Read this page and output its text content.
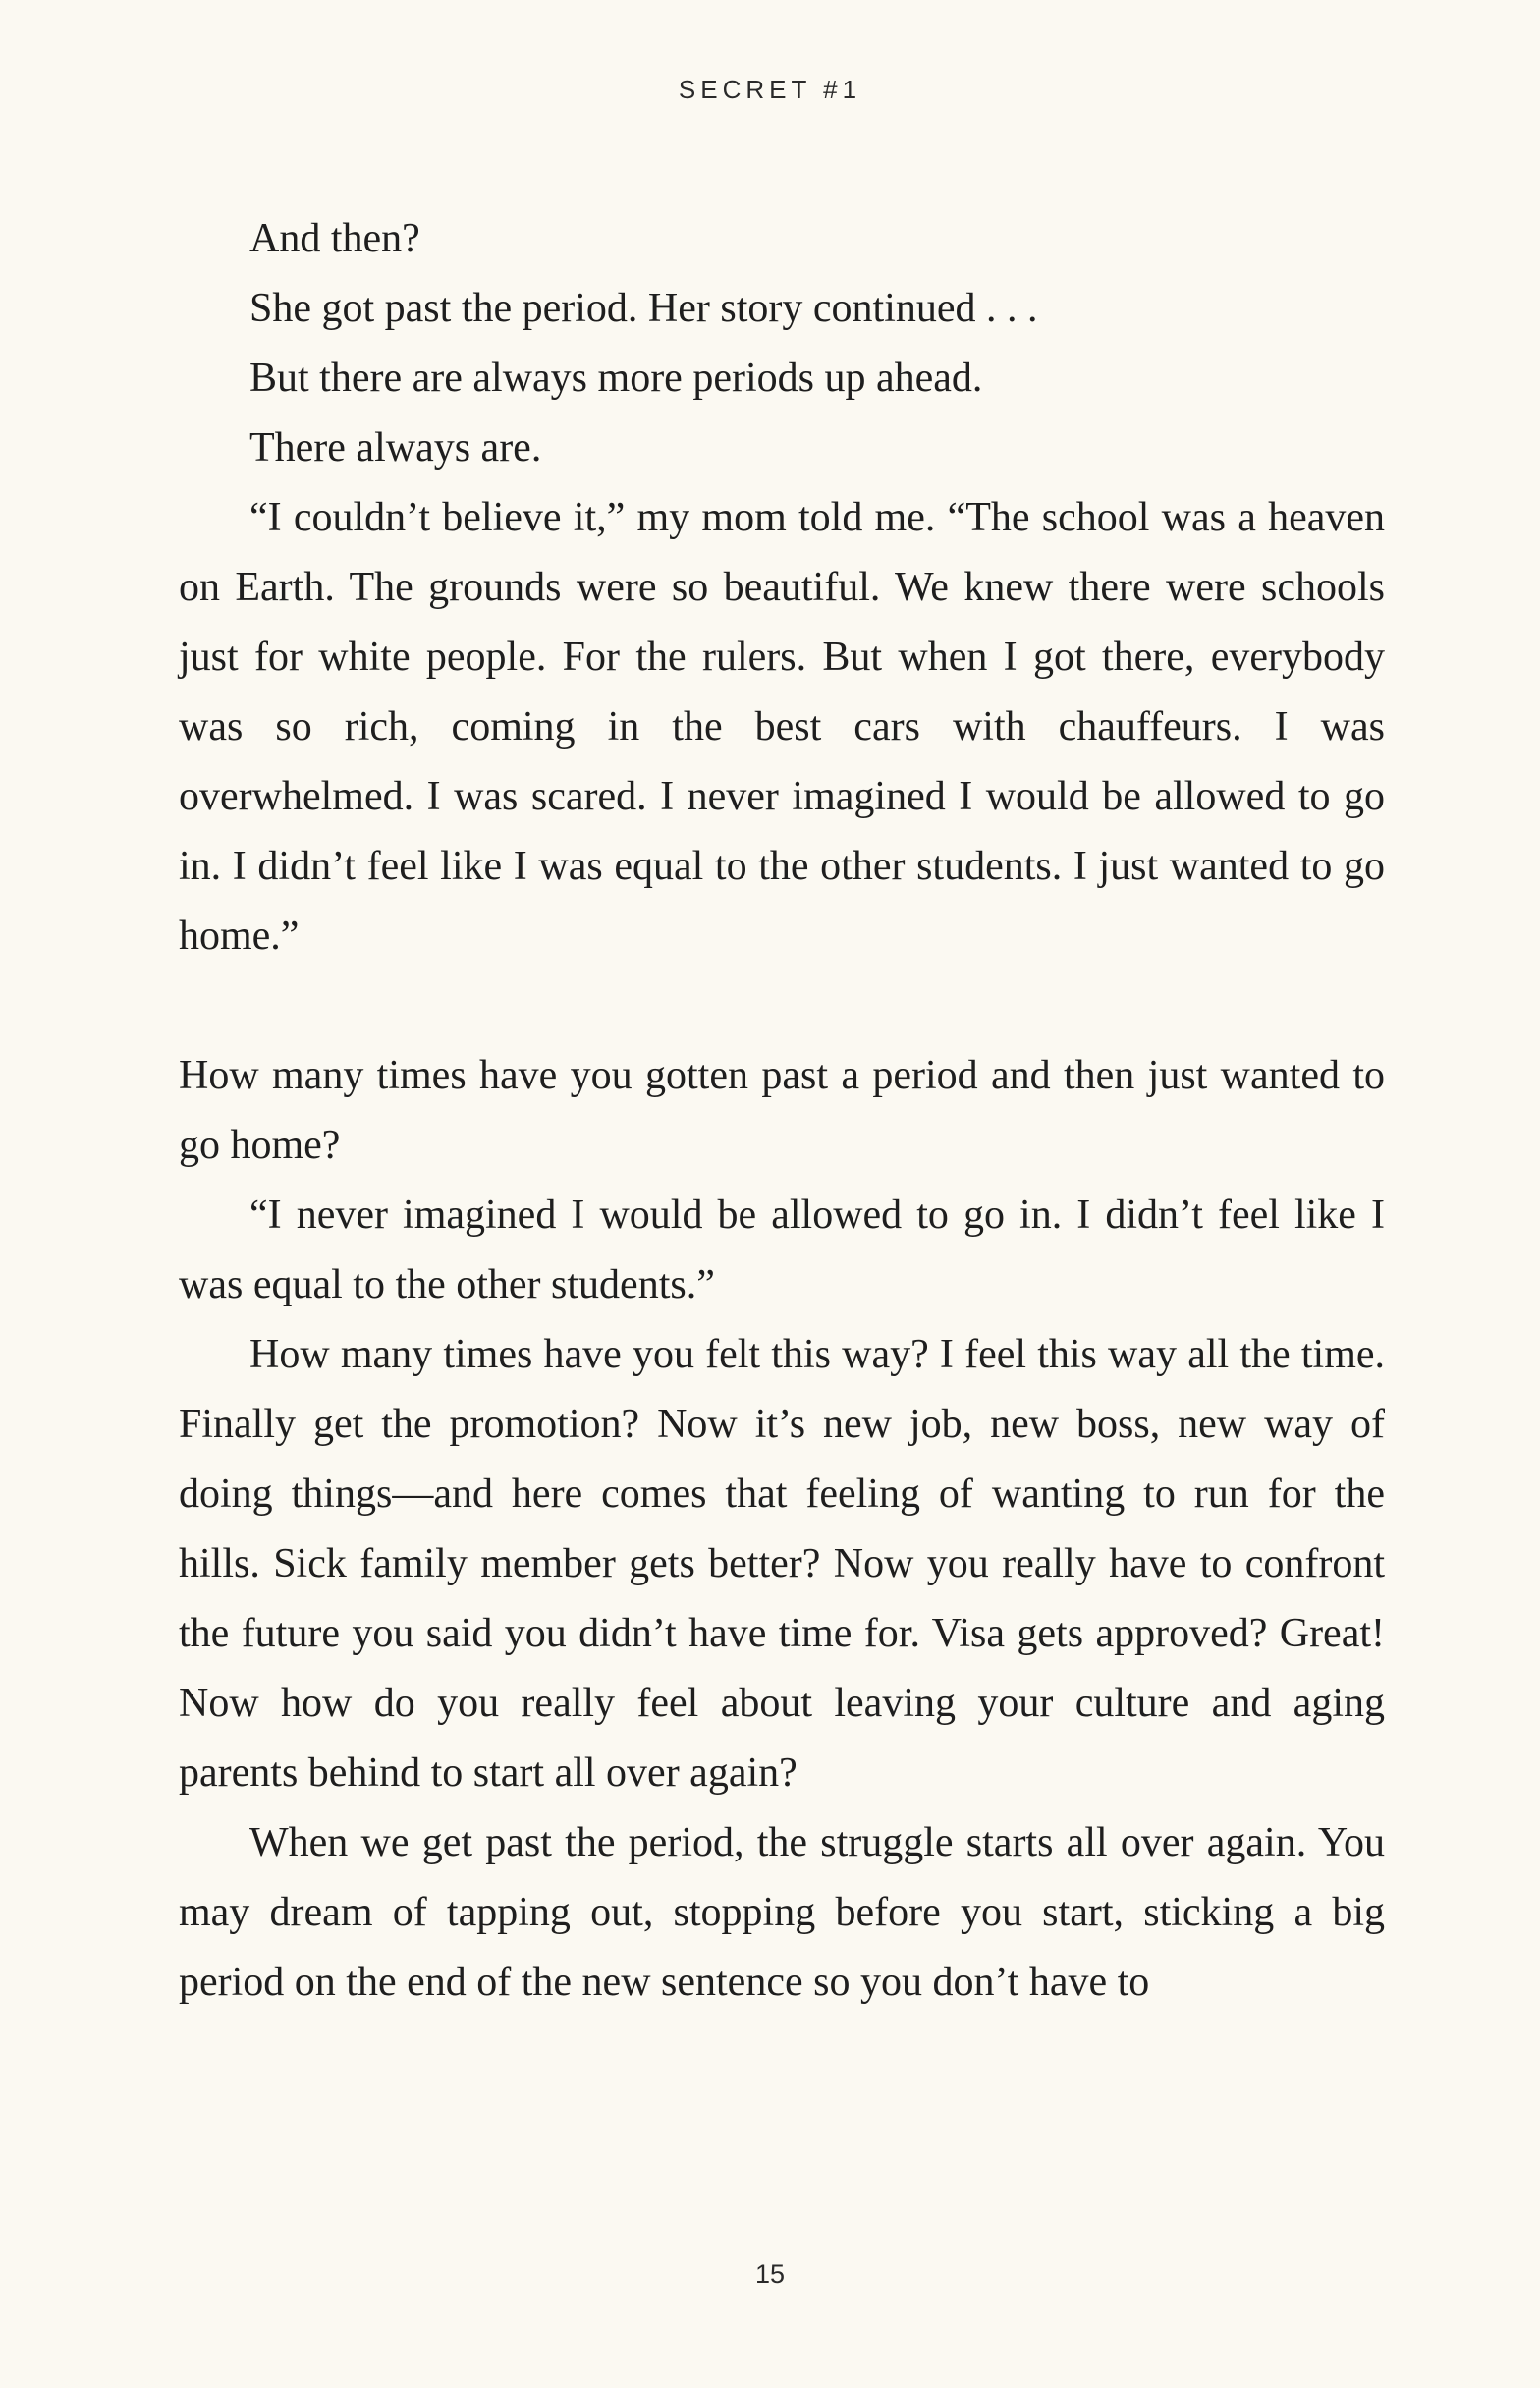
SECRET #1

And then?

She got past the period. Her story continued . . .

But there are always more periods up ahead.

There always are.

“I couldn’t believe it,” my mom told me. “The school was a heaven on Earth. The grounds were so beautiful. We knew there were schools just for white people. For the rulers. But when I got there, everybody was so rich, coming in the best cars with chauffeurs. I was overwhelmed. I was scared. I never imagined I would be allowed to go in. I didn’t feel like I was equal to the other students. I just wanted to go home.”

How many times have you gotten past a period and then just wanted to go home?

“I never imagined I would be allowed to go in. I didn’t feel like I was equal to the other students.”

How many times have you felt this way? I feel this way all the time. Finally get the promotion? Now it’s new job, new boss, new way of doing things—and here comes that feeling of wanting to run for the hills. Sick family member gets better? Now you really have to confront the future you said you didn’t have time for. Visa gets approved? Great! Now how do you really feel about leaving your culture and aging parents behind to start all over again?

When we get past the period, the struggle starts all over again. You may dream of tapping out, stopping before you start, sticking a big period on the end of the new sentence so you don’t have to

15
